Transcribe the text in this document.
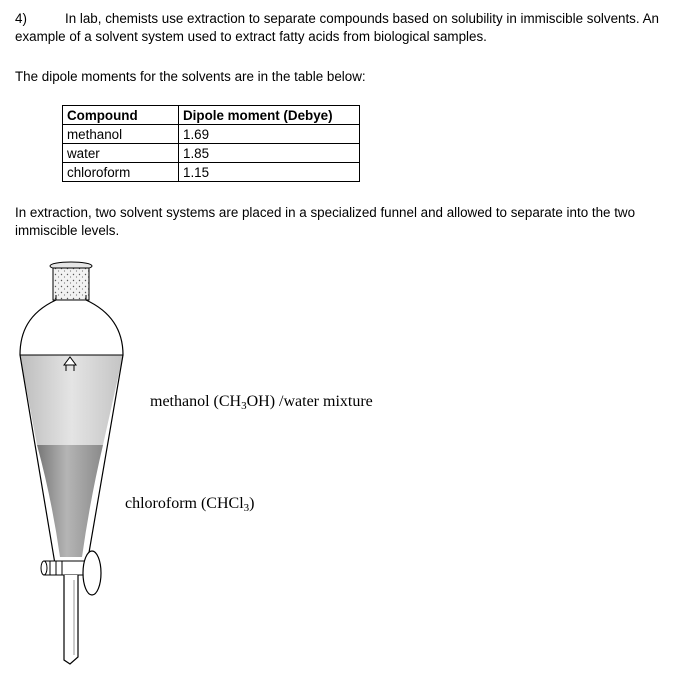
4)	In lab, chemists use extraction to separate compounds based on solubility in immiscible solvents. An example of a solvent system used to extract fatty acids from biological samples.

The dipole moments for the solvents are in the table below:

Compound	Dipole moment (Debye)
methanol	1.69
water	1.85
chloroform	1.15

In extraction, two solvent systems are placed in a specialized funnel and allowed to separate into the two immiscible levels.

methanol $(CH_3OH)$ /water mixture
chloroform (CHCl$_3$)
